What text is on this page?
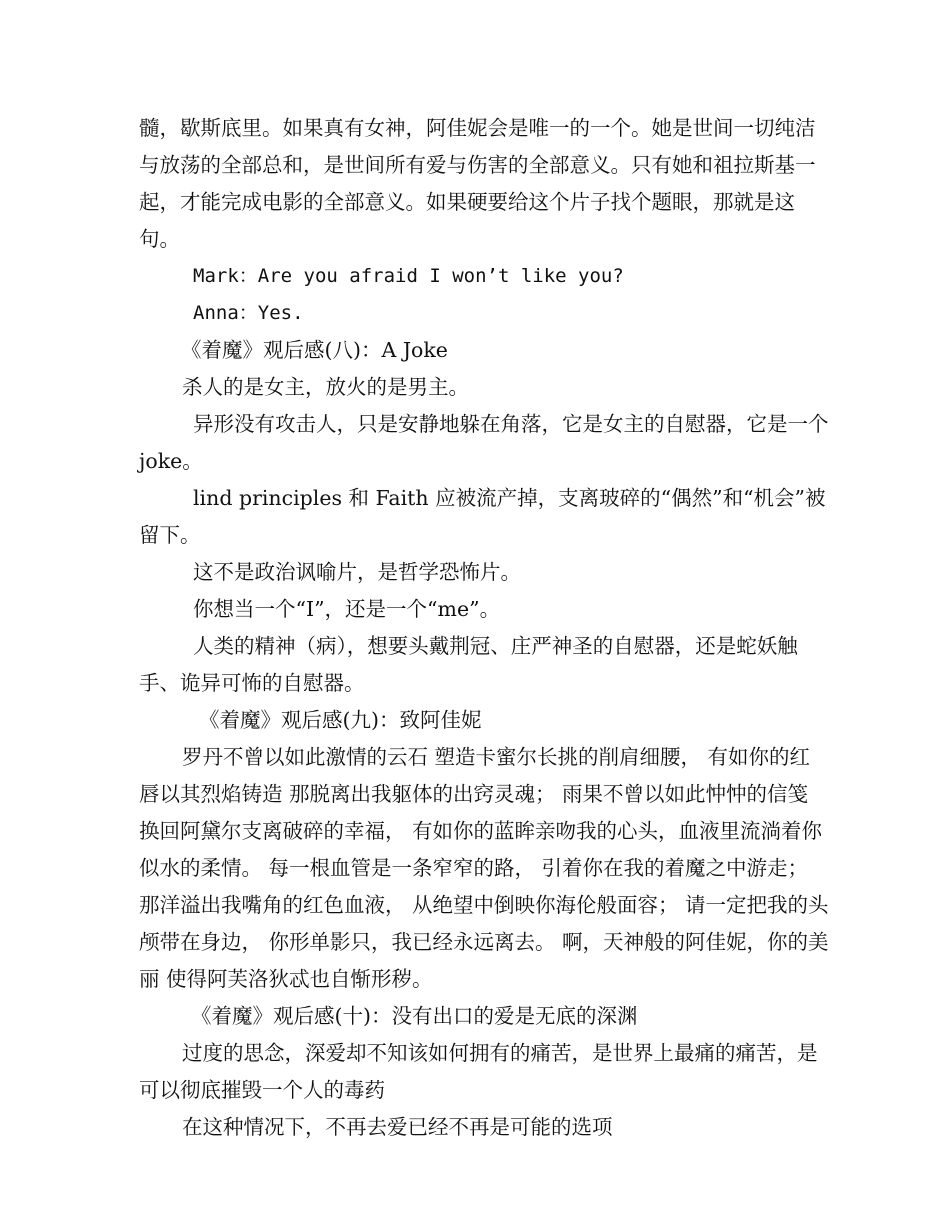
髓，歇斯底里。如果真有女神，阿佳妮会是唯一的一个。她是世间一切纯洁与放荡的全部总和，是世间所有爱与伤害的全部意义。只有她和祖拉斯基一起，才能完成电影的全部意义。如果硬要给这个片子找个题眼，那就是这句。

Mark：Are you afraid I won’t like you?

Anna：Yes.

《着魔》观后感(八)：A Joke

杀人的是女主，放火的是男主。

异形没有攻击人，只是安静地躲在角落，它是女主的自慰器，它是一个joke。

lind principles 和 Faith 应被流产掉，支离玻碎的“偶然”和“机会”被留下。

这不是政治讽喻片，是哲学恐怖片。

你想当一个“I”，还是一个“me”。

人类的精神（病），想要头戴荆冠、庄严神圣的自慰器，还是蛇妖触手、诡异可怖的自慰器。

《着魔》观后感(九)：致阿佳妮

罗丹不曾以如此激情的云石 塑造卡蜜尔长挑的削肩细腰， 有如你的红唇以其烈焰铸造 那脱离出我躯体的出窍灵魂； 雨果不曾以如此忡忡的信笺 换回阿黛尔支离破碎的幸福， 有如你的蓝眸亲吻我的心头，血液里流淌着你似水的柔情。 每一根血管是一条窄窄的路， 引着你在我的着魔之中游走； 那洋溢出我嘴角的红色血液， 从绝望中倒映你海伦般面容； 请一定把我的头颅带在身边， 你形单影只，我已经永远离去。 啊，天神般的阿佳妮，你的美丽 使得阿芙洛狄忒也自惭形秽。

《着魔》观后感(十)：没有出口的爱是无底的深渊

过度的思念，深爱却不知该如何拥有的痛苦，是世界上最痛的痛苦，是可以彻底摧毁一个人的毒药

在这种情况下，不再去爱已经不再是可能的选项
